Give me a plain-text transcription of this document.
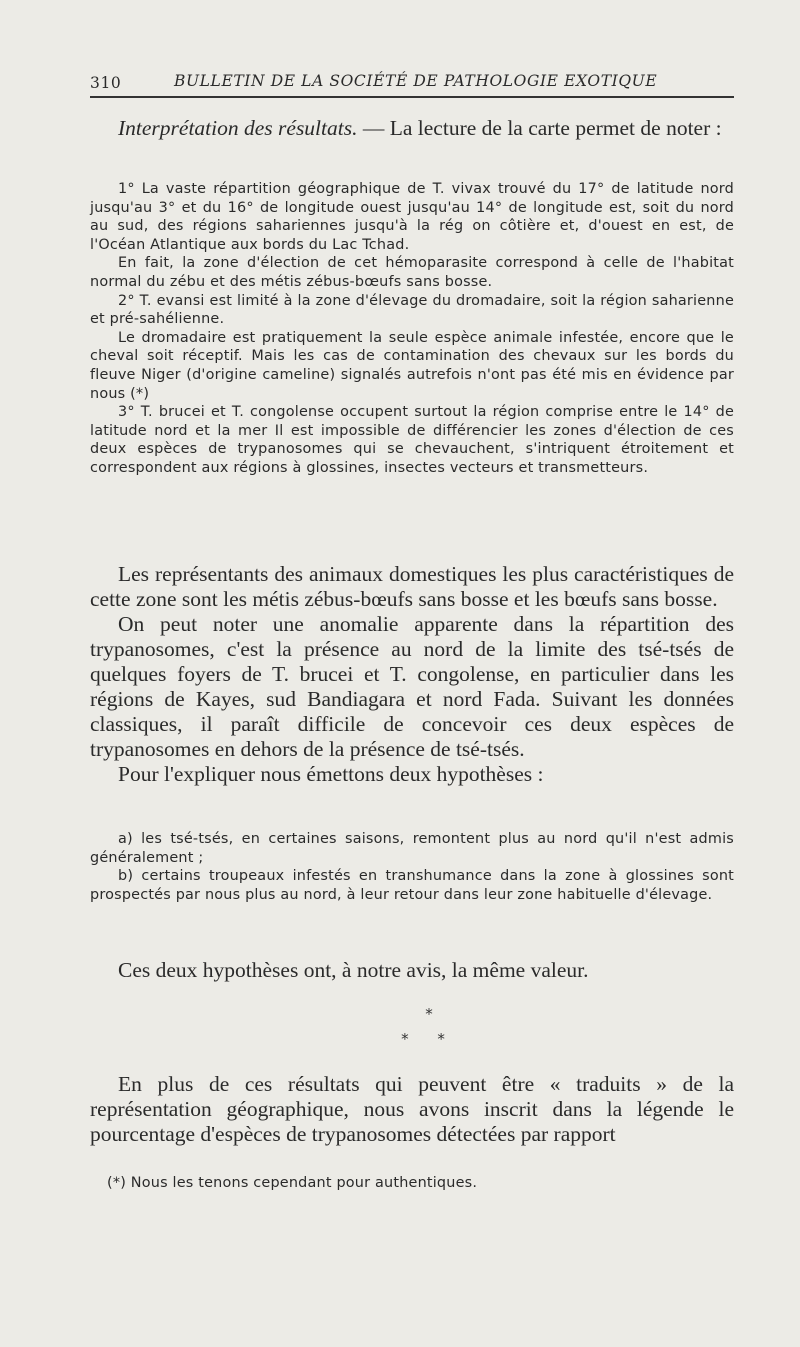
310	BULLETIN DE LA SOCIÉTÉ DE PATHOLOGIE EXOTIQUE

Interprétation des résultats. — La lecture de la carte permet de noter :

1° La vaste répartition géographique de T. vivax trouvé du 17° de latitude nord jusqu'au 3° et du 16° de longitude ouest jusqu'au 14° de longitude est, soit du nord au sud, des régions sahariennes jusqu'à la rég on côtière et, d'ouest en est, de l'Océan Atlantique aux bords du Lac Tchad.

En fait, la zone d'élection de cet hémoparasite correspond à celle de l'habitat normal du zébu et des métis zébus-bœufs sans bosse.

2° T. evansi est limité à la zone d'élevage du dromadaire, soit la région saharienne et pré-sahélienne.

Le dromadaire est pratiquement la seule espèce animale infestée, encore que le cheval soit réceptif. Mais les cas de contamination des chevaux sur les bords du fleuve Niger (d'origine cameline) signalés autrefois n'ont pas été mis en évidence par nous (*)

3° T. brucei et T. congolense occupent surtout la région comprise entre le 14° de latitude nord et la mer Il est impossible de différencier les zones d'élection de ces deux espèces de trypanosomes qui se chevauchent, s'intriquent étroitement et correspondent aux régions à glossines, insectes vecteurs et transmetteurs.

Les représentants des animaux domestiques les plus caractéristiques de cette zone sont les métis zébus-bœufs sans bosse et les bœufs sans bosse.

On peut noter une anomalie apparente dans la répartition des trypanosomes, c'est la présence au nord de la limite des tsé-tsés de quelques foyers de T. brucei et T. congolense, en particulier dans les régions de Kayes, sud Bandiagara et nord Fada. Suivant les données classiques, il paraît difficile de concevoir ces deux espèces de trypanosomes en dehors de la présence de tsé-tsés.

Pour l'expliquer nous émettons deux hypothèses :

a) les tsé-tsés, en certaines saisons, remontent plus au nord qu'il n'est admis généralement ;

b) certains troupeaux infestés en transhumance dans la zone à glossines sont prospectés par nous plus au nord, à leur retour dans leur zone habituelle d'élevage.

Ces deux hypothèses ont, à notre avis, la même valeur.

*
* *

En plus de ces résultats qui peuvent être « traduits » de la représentation géographique, nous avons inscrit dans la légende le pourcentage d'espèces de trypanosomes détectées par rapport

(*) Nous les tenons cependant pour authentiques.
